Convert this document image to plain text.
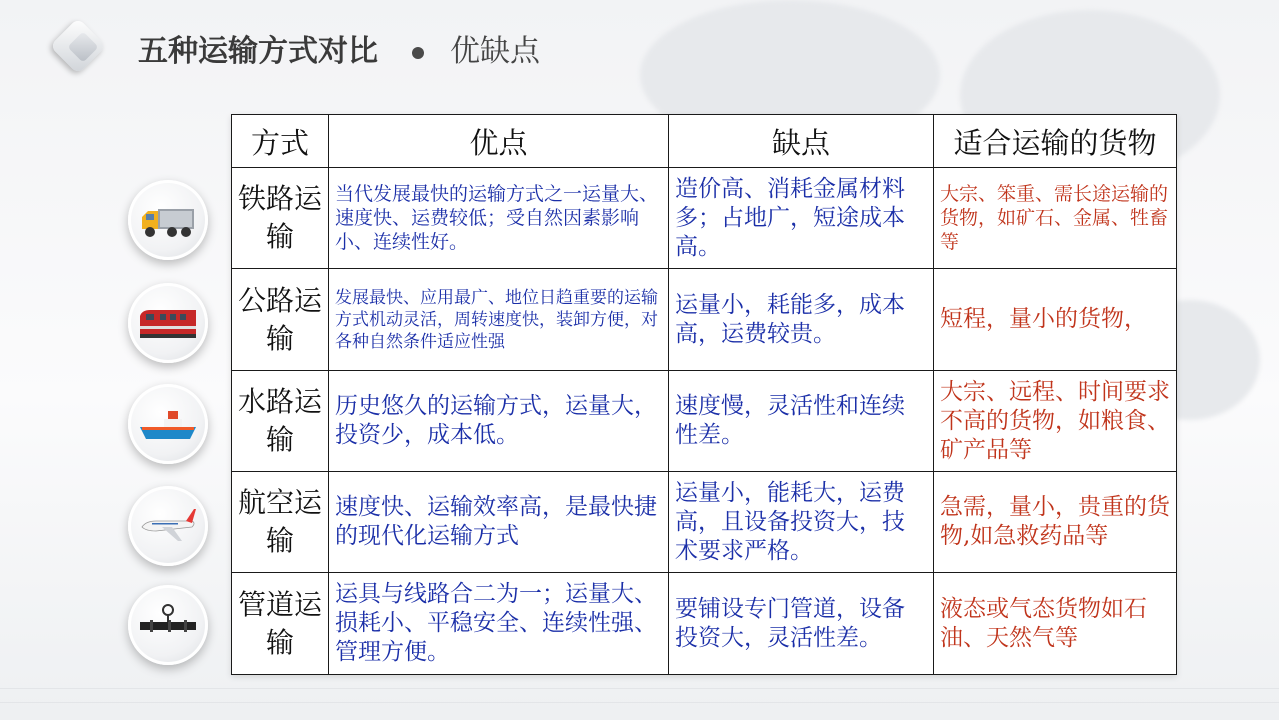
五种运输方式对比 优缺点
方式	优点	缺点	适合运输的货物
铁路运输	当代发展最快的运输方式之一运量大、速度快、运费较低；受自然因素影响小、连续性好。	造价高、消耗金属材料多；占地广，短途成本高。	大宗、笨重、需长途运输的货物，如矿石、金属、牲畜等
公路运输	发展最快、应用最广、地位日趋重要的运输方式机动灵活，周转速度快，装卸方便，对各种自然条件适应性强	运量小，耗能多，成本高，运费较贵。	短程，量小的货物，
水路运输	历史悠久的运输方式，运量大，投资少，成本低。	速度慢，灵活性和连续性差。	大宗、远程、时间要求不高的货物，如粮食、矿产品等
航空运输	速度快、运输效率高，是最快捷的现代化运输方式	运量小，能耗大，运费高，且设备投资大，技术要求严格。	急需，量小，贵重的货物,如急救药品等
管道运输	运具与线路合二为一；运量大、损耗小、平稳安全、连续性强、管理方便。	要铺设专门管道，设备投资大，灵活性差。	液态或气态货物如石油、天然气等
